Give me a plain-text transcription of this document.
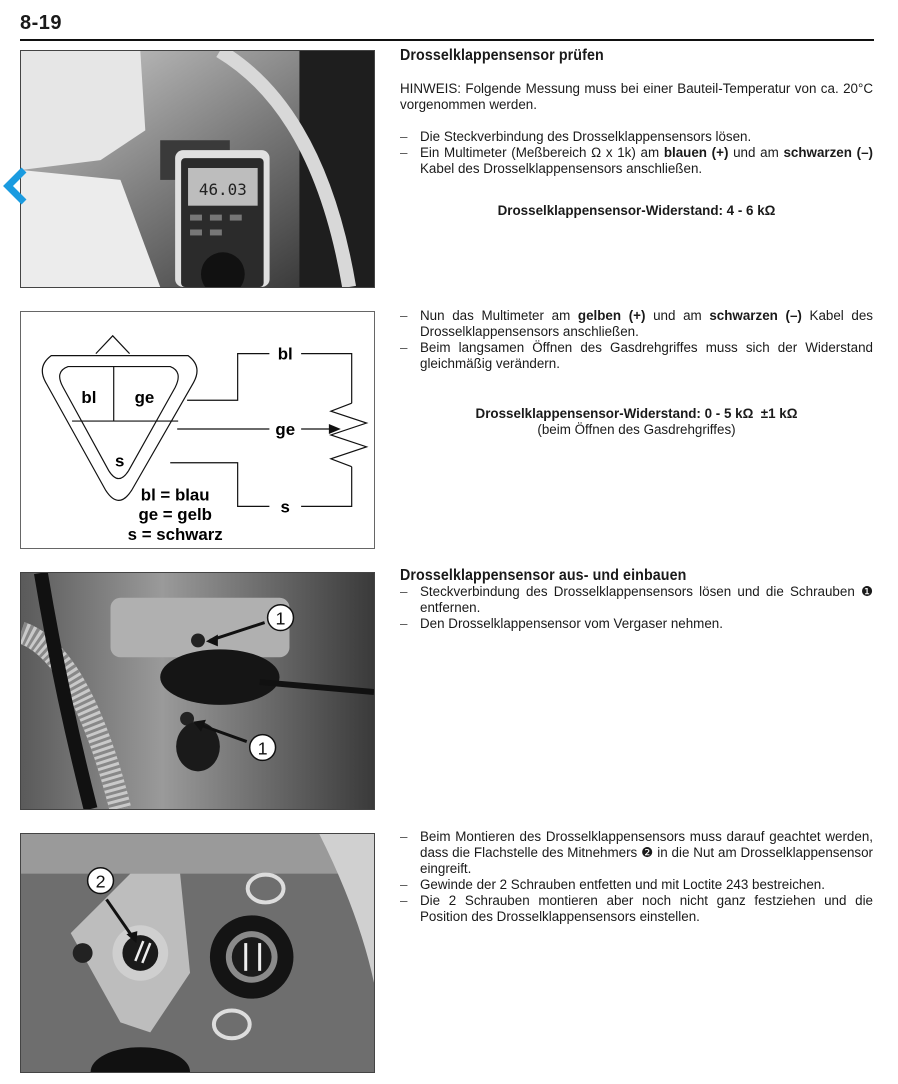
8-19
46.03
bl ge
s
bl
ge
s
bl = blau
ge = gelb
s = schwarz
1
1
2
Drosselklappensensor prüfen

HINWEIS: Folgende Messung muss bei einer Bauteil-Temperatur von ca. 20°C vorgenommen werden.

– Die Steckverbindung des Drosselklappensensors lösen.
– Ein Multimeter (Meßbereich Ω x 1k) am blauen (+) und am schwarzen (–) Kabel des Drosselklappensensors anschließen.

Drosselklappensensor-Widerstand: 4 - 6 kΩ

– Nun das Multimeter am gelben (+) und am schwarzen (–) Kabel des Drosselklappensensors anschließen.
– Beim langsamen Öffnen des Gasdrehgriffes muss sich der Widerstand gleichmäßig verändern.

Drosselklappensensor-Widerstand: 0 - 5 kΩ  ±1 kΩ

(beim Öffnen des Gasdrehgriffes)

Drosselklappensensor aus- und einbauen
– Steckverbindung des Drosselklappensensors lösen und die Schrauben ❶ entfernen.
– Den Drosselklappensensor vom Vergaser nehmen.
– Beim Montieren des Drosselklappensensors muss darauf geachtet werden, dass die Flachstelle des Mitnehmers ❷ in die Nut am Drosselklappensensor eingreift.
– Gewinde der 2 Schrauben entfetten und mit Loctite 243 bestreichen.
– Die 2 Schrauben montieren aber noch nicht ganz festziehen und die Position des Drosselklappensensors einstellen.
